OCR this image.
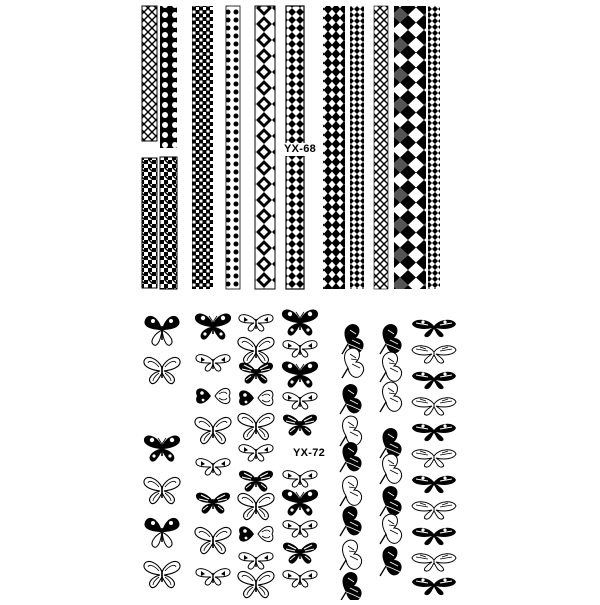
YX-68
YX-72
